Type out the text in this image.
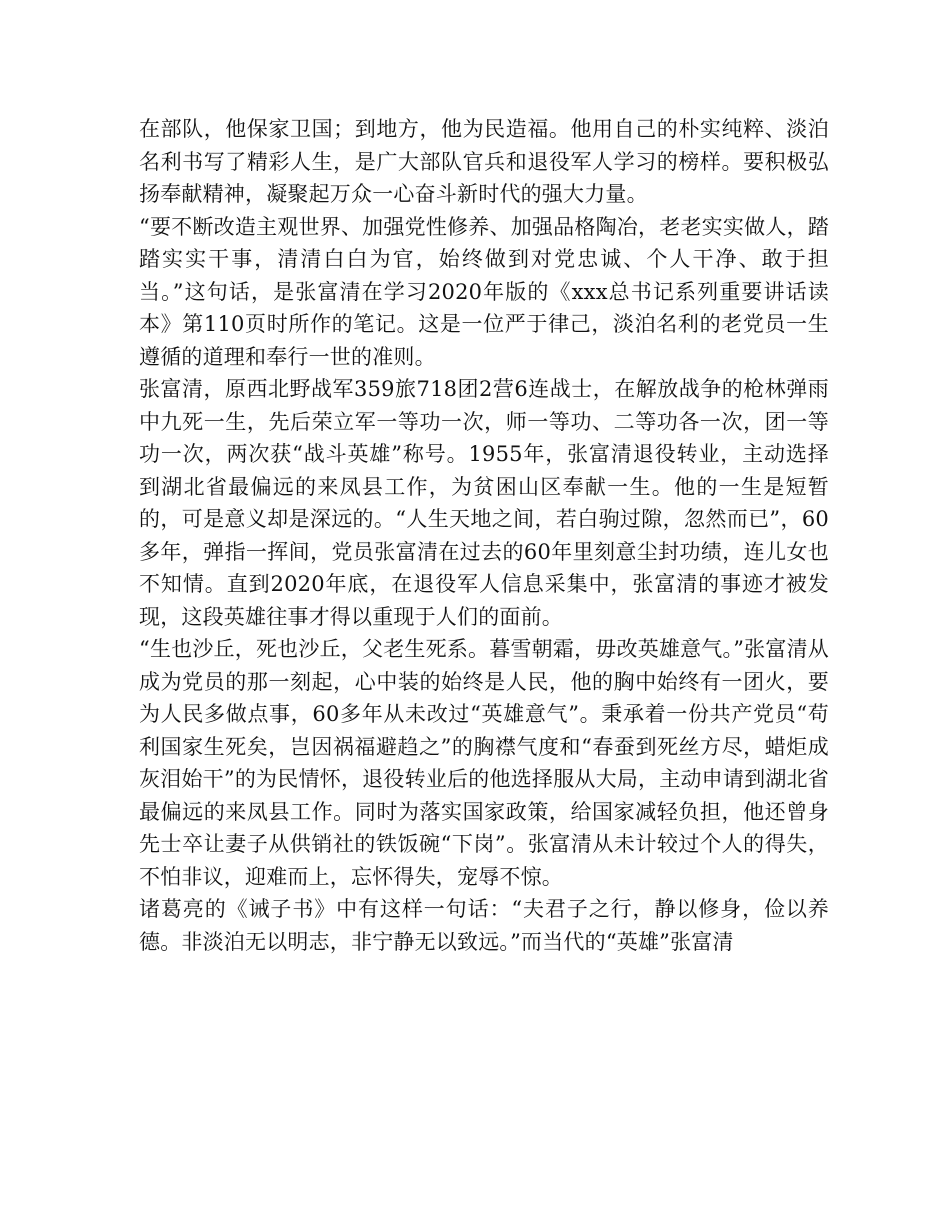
在部队，他保家卫国；到地方，他为民造福。他用自己的朴实纯粹、淡泊名利书写了精彩人生，是广大部队官兵和退役军人学习的榜样。要积极弘扬奉献精神，凝聚起万众一心奋斗新时代的强大力量。

“要不断改造主观世界、加强党性修养、加强品格陶冶，老老实实做人，踏踏实实干事，清清白白为官，始终做到对党忠诚、个人干净、敢于担当。”这句话，是张富清在学习2020年版的《xxx总书记系列重要讲话读本》第110页时所作的笔记。这是一位严于律己，淡泊名利的老党员一生遵循的道理和奉行一世的准则。

张富清，原西北野战军359旅718团2营6连战士，在解放战争的枪林弹雨中九死一生，先后荣立军一等功一次，师一等功、二等功各一次，团一等功一次，两次获“战斗英雄”称号。1955年，张富清退役转业，主动选择到湖北省最偏远的来凤县工作，为贫困山区奉献一生。他的一生是短暂的，可是意义却是深远的。“人生天地之间，若白驹过隙，忽然而已”，60多年，弹指一挥间，党员张富清在过去的60年里刻意尘封功绩，连儿女也不知情。直到2020年底，在退役军人信息采集中，张富清的事迹才被发现，这段英雄往事才得以重现于人们的面前。

“生也沙丘，死也沙丘，父老生死系。暮雪朝霜，毋改英雄意气。”张富清从成为党员的那一刻起，心中装的始终是人民，他的胸中始终有一团火，要为人民多做点事，60多年从未改过“英雄意气”。秉承着一份共产党员“苟利国家生死矣，岂因祸福避趋之”的胸襟气度和“春蚕到死丝方尽，蜡炬成灰泪始干”的为民情怀，退役转业后的他选择服从大局，主动申请到湖北省最偏远的来凤县工作。同时为落实国家政策，给国家减轻负担，他还曾身先士卒让妻子从供销社的铁饭碗“下岗”。张富清从未计较过个人的得失，不怕非议，迎难而上，忘怀得失，宠辱不惊。

诸葛亮的《诫子书》中有这样一句话：“夫君子之行，静以修身，俭以养德。非淡泊无以明志，非宁静无以致远。”而当代的“英雄”张富清
